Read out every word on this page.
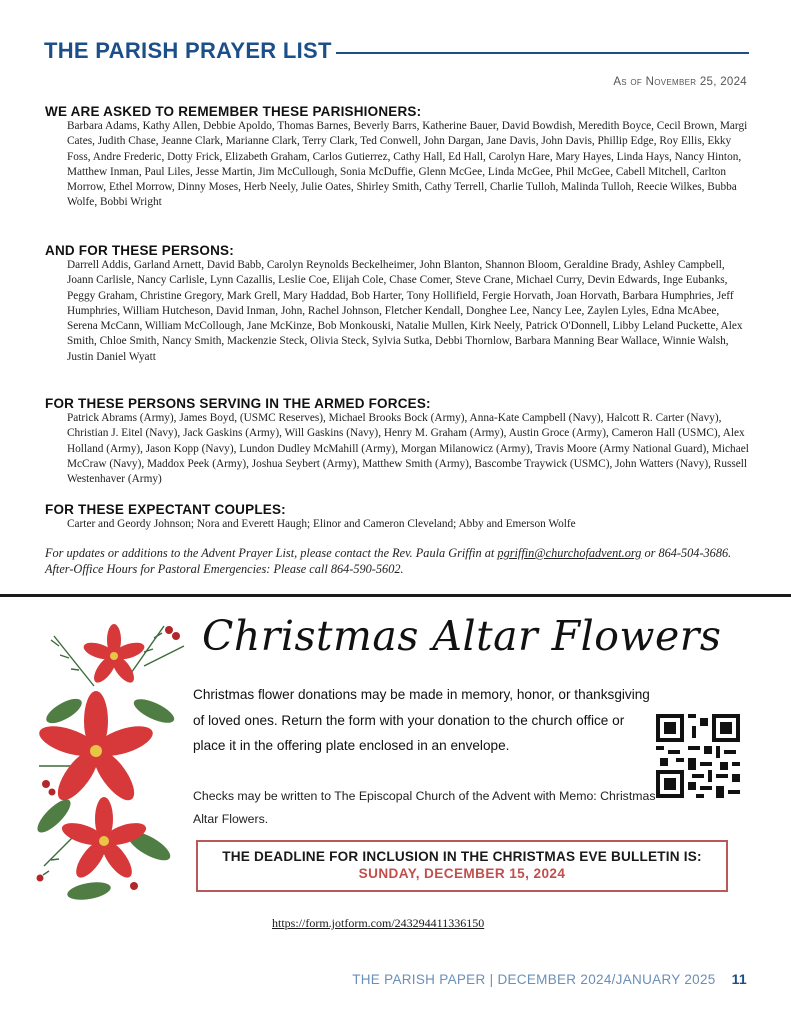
THE PARISH PRAYER LIST
As of November 25, 2024
WE ARE ASKED TO REMEMBER THESE PARISHIONERS:

Barbara Adams, Kathy Allen, Debbie Apoldo, Thomas Barnes, Beverly Barrs, Katherine Bauer, David Bowdish, Meredith Boyce, Cecil Brown, Margi Cates, Judith Chase, Jeanne Clark, Marianne Clark, Terry Clark, Ted Conwell, John Dargan, Jane Davis, John Davis, Phillip Edge, Roy Ellis, Ekky Foss, Andre Frederic, Dotty Frick, Elizabeth Graham, Carlos Gutierrez, Cathy Hall, Ed Hall, Carolyn Hare, Mary Hayes, Linda Hays, Nancy Hinton, Matthew Inman, Paul Liles, Jesse Martin, Jim McCullough, Sonia McDuffie, Glenn McGee, Linda McGee, Phil McGee, Cabell Mitchell, Carlton Morrow, Ethel Morrow, Dinny Moses, Herb Neely, Julie Oates, Shirley Smith, Cathy Terrell, Charlie Tulloh, Malinda Tulloh, Reecie Wilkes, Bubba Wolfe, Bobbi Wright

AND FOR THESE PERSONS:

Darrell Addis, Garland Arnett, David Babb, Carolyn Reynolds Beckelheimer, John Blanton, Shannon Bloom, Geraldine Brady, Ashley Campbell, Joann Carlisle, Nancy Carlisle, Lynn Cazallis, Leslie Coe, Elijah Cole, Chase Comer, Steve Crane, Michael Curry, Devin Edwards, Inge Eubanks, Peggy Graham, Christine Gregory, Mark Grell, Mary Haddad, Bob Harter, Tony Hollifield, Fergie Horvath, Joan Horvath, Barbara Humphries, Jeff Humphries, William Hutcheson, David Inman, John, Rachel Johnson, Fletcher Kendall, Donghee Lee, Nancy Lee, Zaylen Lyles, Edna McAbee, Serena McCann, William McCollough, Jane McKinze, Bob Monkouski, Natalie Mullen, Kirk Neely, Patrick O'Donnell, Libby Leland Puckette, Alex Smith, Chloe Smith, Nancy Smith, Mackenzie Steck, Olivia Steck, Sylvia Sutka, Debbi Thornlow, Barbara Manning Bear Wallace, Winnie Walsh, Justin Daniel Wyatt

FOR THESE PERSONS SERVING IN THE ARMED FORCES:

Patrick Abrams (Army), James Boyd, (USMC Reserves), Michael Brooks Bock (Army), Anna-Kate Campbell (Navy), Halcott R. Carter (Navy), Christian J. Eitel (Navy), Jack Gaskins (Army), Will Gaskins (Navy), Henry M. Graham (Army), Austin Groce (Army), Cameron Hall (USMC), Alex Holland (Army), Jason Kopp (Navy), Lundon Dudley McMahill (Army), Morgan Milanowicz (Army), Travis Moore (Army National Guard), Michael McCraw (Navy), Maddox Peek (Army), Joshua Seybert (Army), Matthew Smith (Army), Bascombe Traywick (USMC), John Watters (Navy), Russell Westenhaver (Army)

FOR THESE EXPECTANT COUPLES:

Carter and Geordy Johnson; Nora and Everett Haugh; Elinor and Cameron Cleveland; Abby and Emerson Wolfe

For updates or additions to the Advent Prayer List, please contact the Rev. Paula Griffin at pgriffin@churchofadvent.org or 864-504-3686. After-Office Hours for Pastoral Emergencies: Please call 864-590-5602.
Christmas Altar Flowers
Christmas flower donations may be made in memory, honor, or thanksgiving of loved ones. Return the form with your donation to the church office or place it in the offering plate enclosed in an envelope.
Checks may be written to The Episcopal Church of the Advent with Memo: Christmas Altar Flowers.
THE DEADLINE FOR INCLUSION IN THE CHRISTMAS EVE BULLETIN IS:
SUNDAY, DECEMBER 15, 2024
https://form.jotform.com/243294411336150
THE PARISH PAPER | DECEMBER 2024/JANUARY 2025 11
